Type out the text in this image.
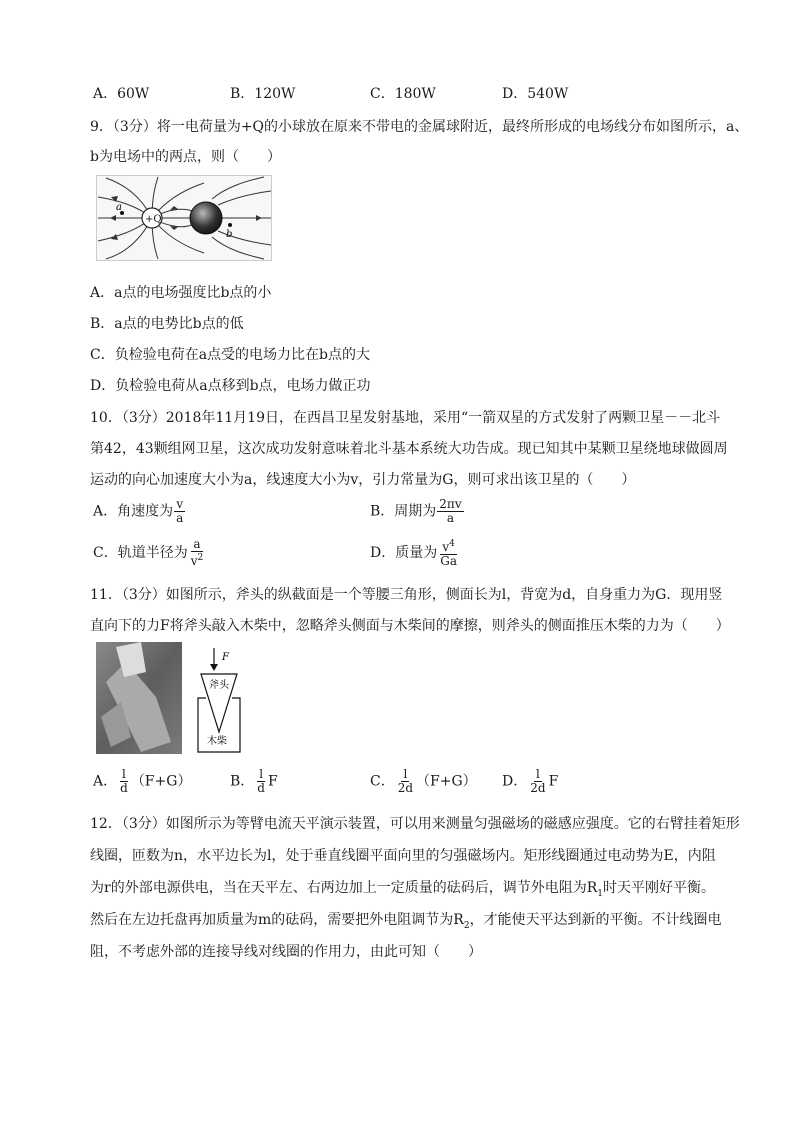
A．60W	B．120W	C．180W	D．540W
9．（3分）将一电荷量为+Q的小球放在原来不带电的金属球附近，最终所形成的电场线分布如图所示，a、
b为电场中的两点，则（　　）
+Q
a
b
A．a点的电场强度比b点的小
B．a点的电势比b点的低
C．负检验电荷在a点受的电场力比在b点的大
D．负检验电荷从a点移到b点，电场力做正功
10．（3分）2018年11月19日，在西昌卫星发射基地，采用“一箭双星的方式发射了两颗卫星－－北斗
第42，43颗组网卫星，这次成功发射意味着北斗基本系统大功告成。现已知其中某颗卫星绕地球做圆周
运动的向心加速度大小为a，线速度大小为v，引力常量为G，则可求出该卫星的（　　）
A．角速度为 $\frac{v}{a}$	B．周期为 $\frac{2\pi v}{a}$
C．轨道半径为 $\frac{a}{v^2}$	D．质量为 $\frac{v^4}{Ga}$
11．（3分）如图所示，斧头的纵截面是一个等腰三角形，侧面长为l，背宽为d，自身重力为G．现用竖
直向下的力F将斧头敲入木柴中，忽略斧头侧面与木柴间的摩擦，则斧头的侧面推压木柴的力为（　　）
F
斧头
木柴
A． $\frac{l}{d} (F+G)$	B． $\frac{l}{d}$ F	C． $\frac{l}{2d} (F+G)$ D． $\frac{l}{2d}$ F
12．（3分）如图所示为等臂电流天平演示装置，可以用来测量匀强磁场的磁感应强度。它的右臂挂着矩形
线圈，匝数为n，水平边长为l，处于垂直线圈平面向里的匀强磁场内。矩形线圈通过电动势为E，内阻
为r的外部电源供电，当在天平左、右两边加上一定质量的砝码后，调节外电阻为$R_1$时天平刚好平衡。
然后在左边托盘再加质量为m的砝码，需要把外电阻调节为$R_2$，才能使天平达到新的平衡。不计线圈电
阻，不考虑外部的连接导线对线圈的作用力，由此可知（　　）
